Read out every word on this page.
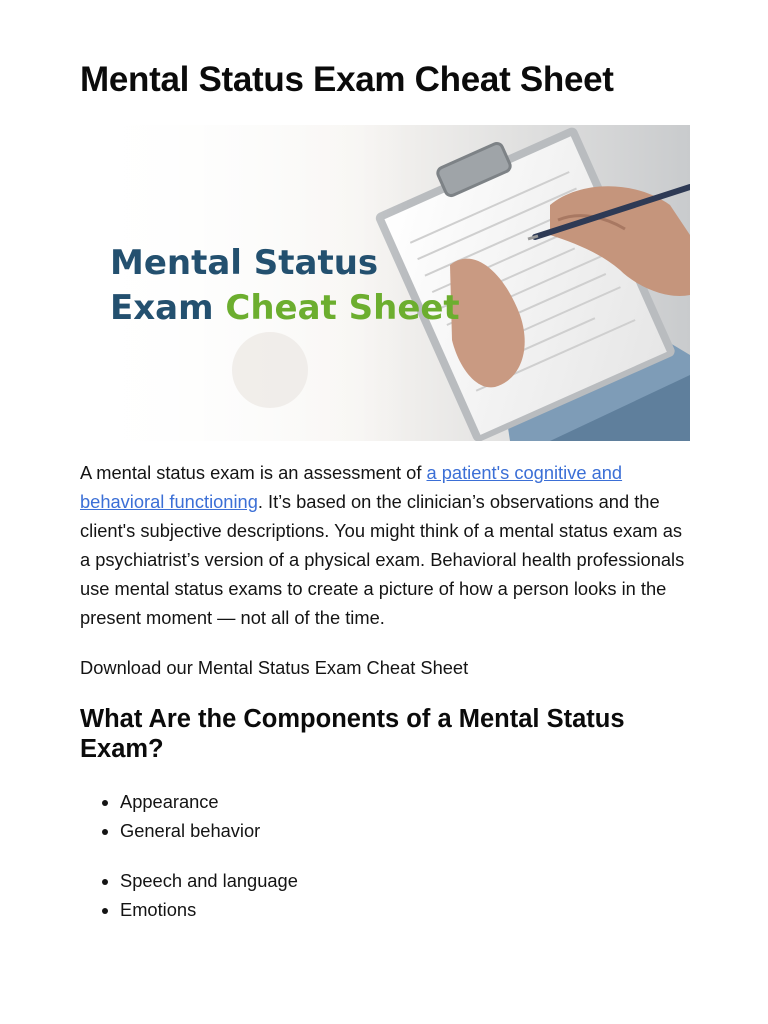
Mental Status Exam Cheat Sheet
Mental Status
Exam Cheat Sheet

A mental status exam is an assessment of a patient's cognitive and behavioral functioning. It’s based on the clinician’s observations and the client's subjective descriptions. You might think of a mental status exam as a psychiatrist’s version of a physical exam. Behavioral health professionals use mental status exams to create a picture of how a person looks in the present moment — not all of the time.

Download our Mental Status Exam Cheat Sheet

What Are the Components of a Mental Status Exam?
• Appearance
• General behavior
• Speech and language
• Emotions
